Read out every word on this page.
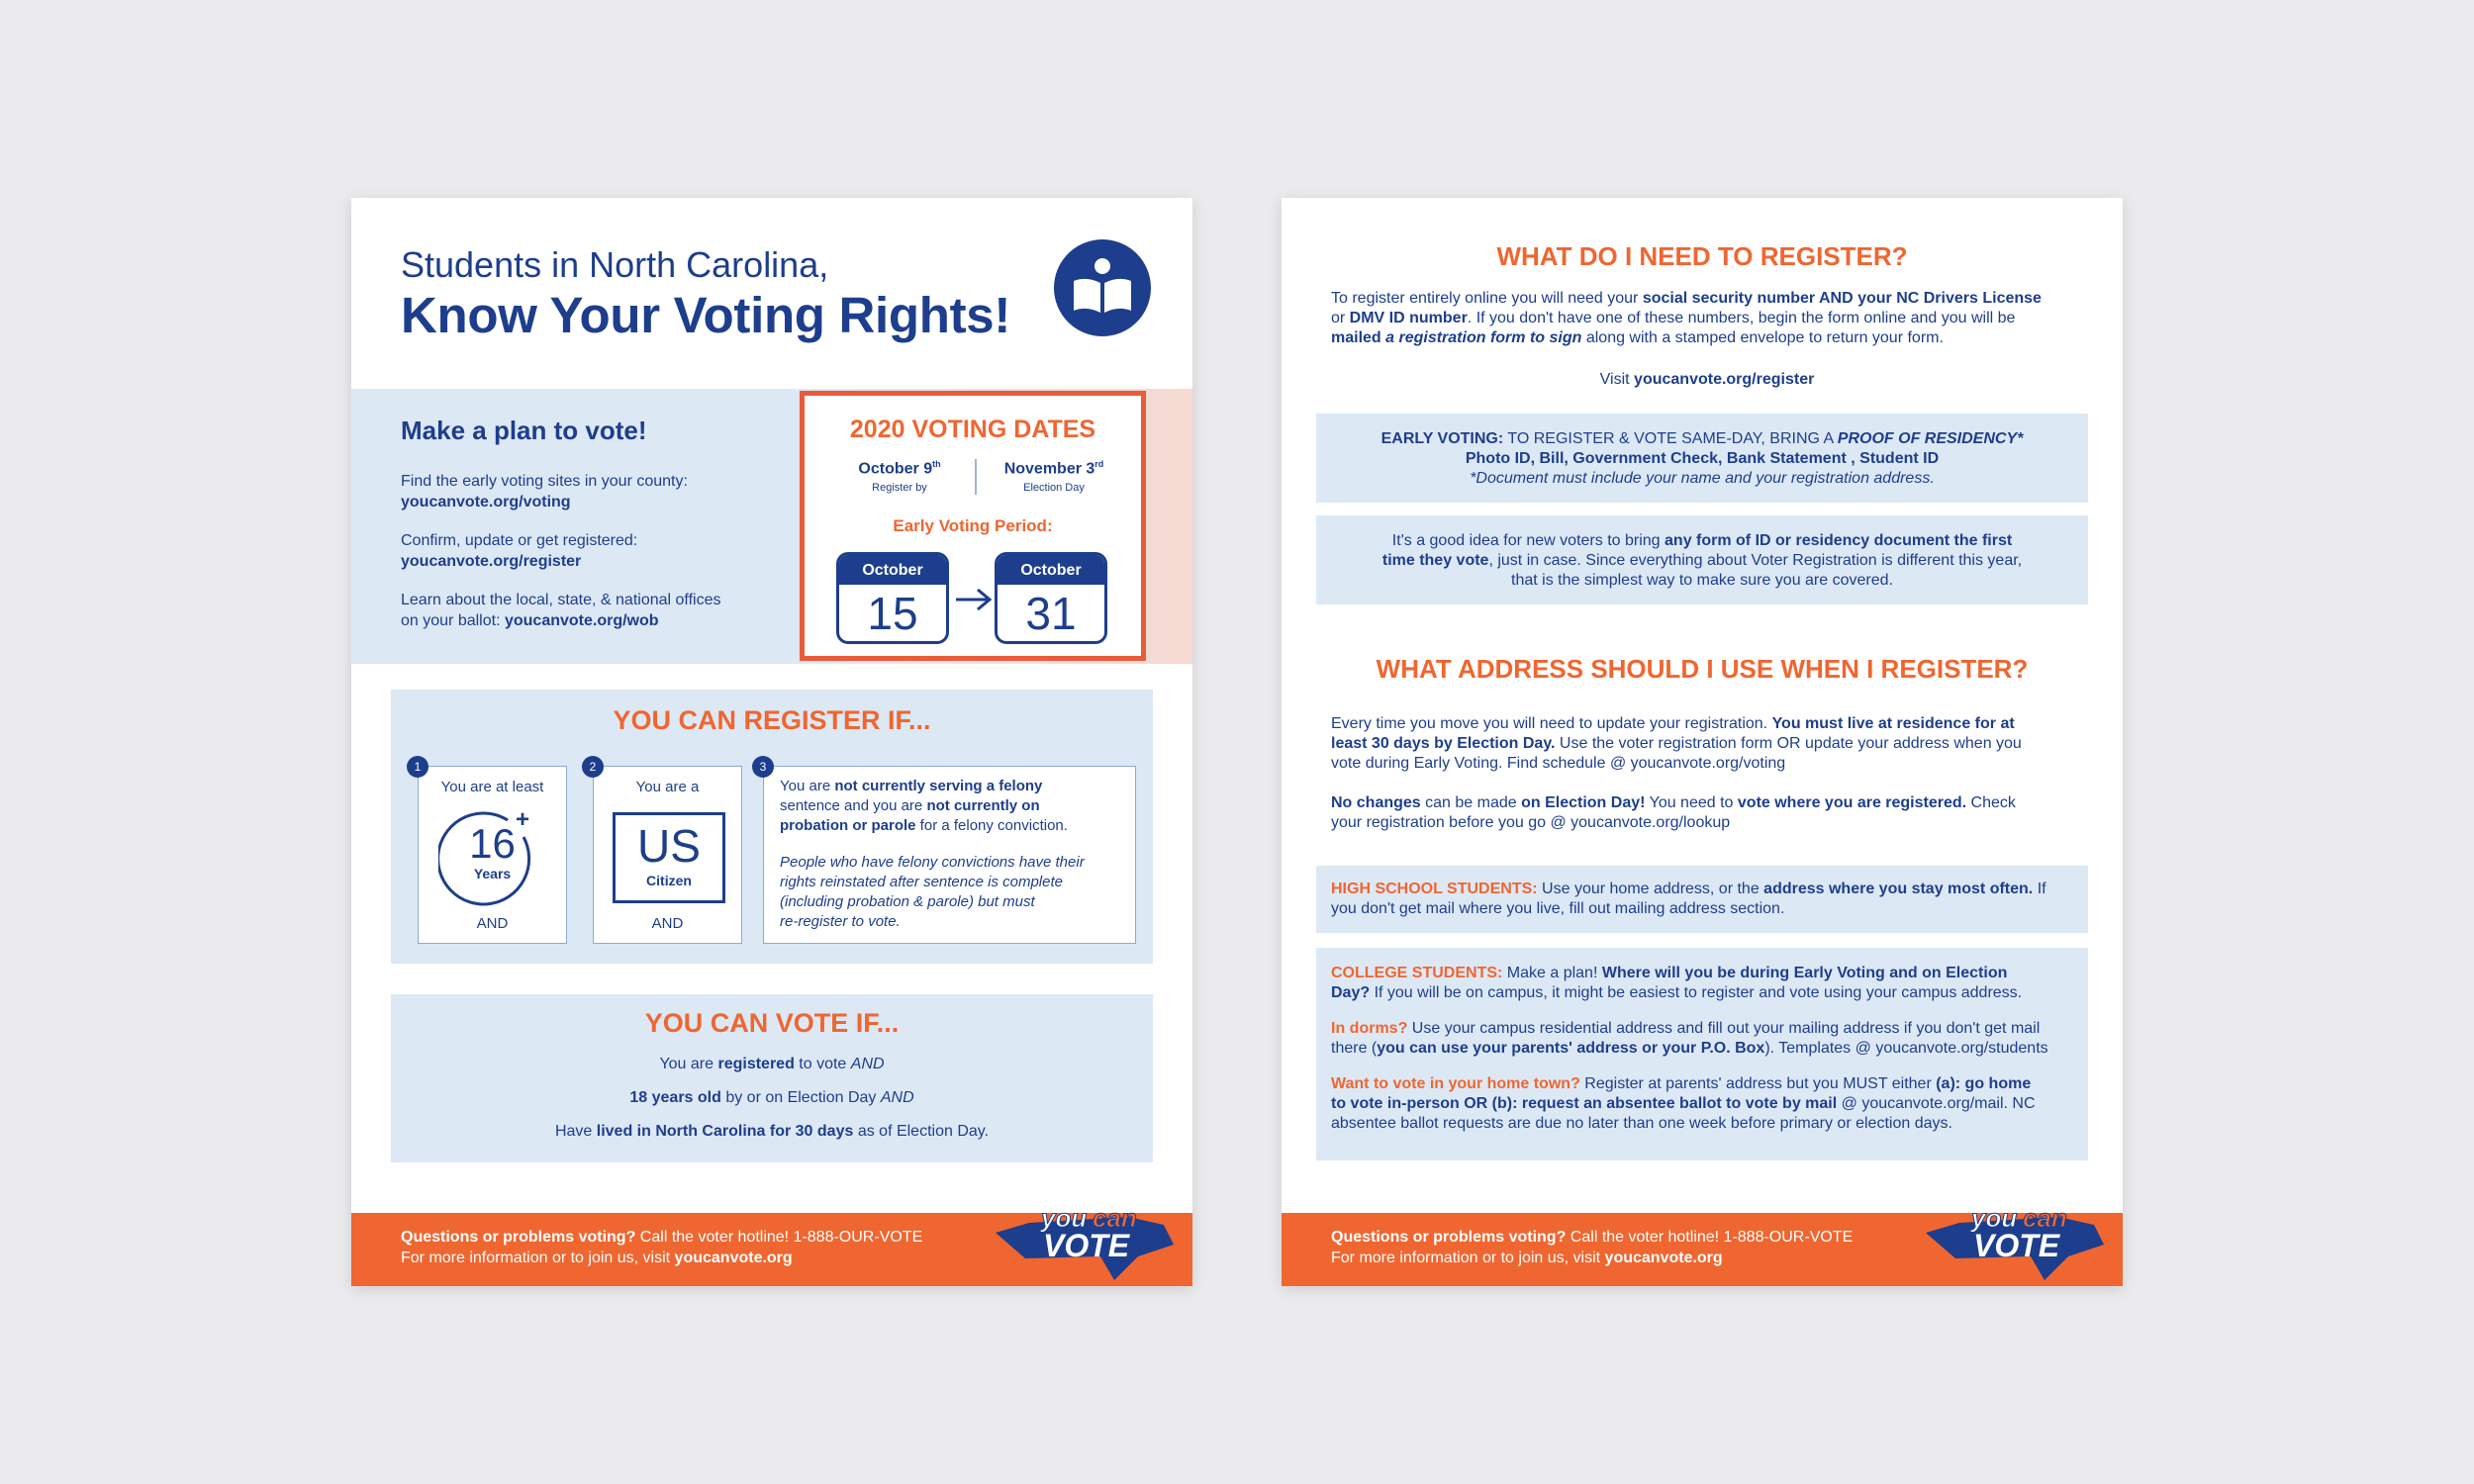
Students in North Carolina,
Know Your Voting Rights!
Make a plan to vote!
Find the early voting sites in your county:
youcanvote.org/voting
Confirm, update or get registered:
youcanvote.org/register
Learn about the local, state, & national offices
on your ballot: youcanvote.org/wob
2020 VOTING DATES
October 9th
Register by
November 3rd
Election Day
Early Voting Period:
October
15
October
31
YOU CAN REGISTER IF...
You are at least
16
+
Years
AND
1
You are a
US
Citizen
AND
2
You are not currently serving a felony
sentence and you are not currently on
probation or parole for a felony conviction.
People who have felony convictions have their
rights reinstated after sentence is complete
(including probation & parole) but must
re-register to vote.
3
YOU CAN VOTE IF...
You are registered to vote AND
18 years old by or on Election Day AND
Have lived in North Carolina for 30 days as of Election Day.
Questions or problems voting? Call the voter hotline! 1-888-OUR-VOTE
For more information or to join us, visit youcanvote.org
you can
VOTE
WHAT DO I NEED TO REGISTER?
To register entirely online you will need your social security number AND your NC Drivers License
or DMV ID number. If you don't have one of these numbers, begin the form online and you will be
mailed a registration form to sign along with a stamped envelope to return your form.
Visit youcanvote.org/register
EARLY VOTING: TO REGISTER & VOTE SAME-DAY, BRING A PROOF OF RESIDENCY*
Photo ID, Bill, Government Check, Bank Statement , Student ID
*Document must include your name and your registration address.
It's a good idea for new voters to bring any form of ID or residency document the first
time they vote, just in case. Since everything about Voter Registration is different this year,
that is the simplest way to make sure you are covered.
WHAT ADDRESS SHOULD I USE WHEN I REGISTER?
Every time you move you will need to update your registration. You must live at residence for at
least 30 days by Election Day. Use the voter registration form OR update your address when you
vote during Early Voting. Find schedule @ youcanvote.org/voting
No changes can be made on Election Day! You need to vote where you are registered. Check
your registration before you go @ youcanvote.org/lookup
HIGH SCHOOL STUDENTS: Use your home address, or the address where you stay most often. If
you don't get mail where you live, fill out mailing address section.
COLLEGE STUDENTS: Make a plan! Where will you be during Early Voting and on Election
Day? If you will be on campus, it might be easiest to register and vote using your campus address.
In dorms? Use your campus residential address and fill out your mailing address if you don't get mail
there (you can use your parents' address or your P.O. Box). Templates @ youcanvote.org/students
Want to vote in your home town? Register at parents' address but you MUST either (a): go home
to vote in-person OR (b): request an absentee ballot to vote by mail @ youcanvote.org/mail. NC
absentee ballot requests are due no later than one week before primary or election days.
Questions or problems voting? Call the voter hotline! 1-888-OUR-VOTE
For more information or to join us, visit youcanvote.org
you can
VOTE
